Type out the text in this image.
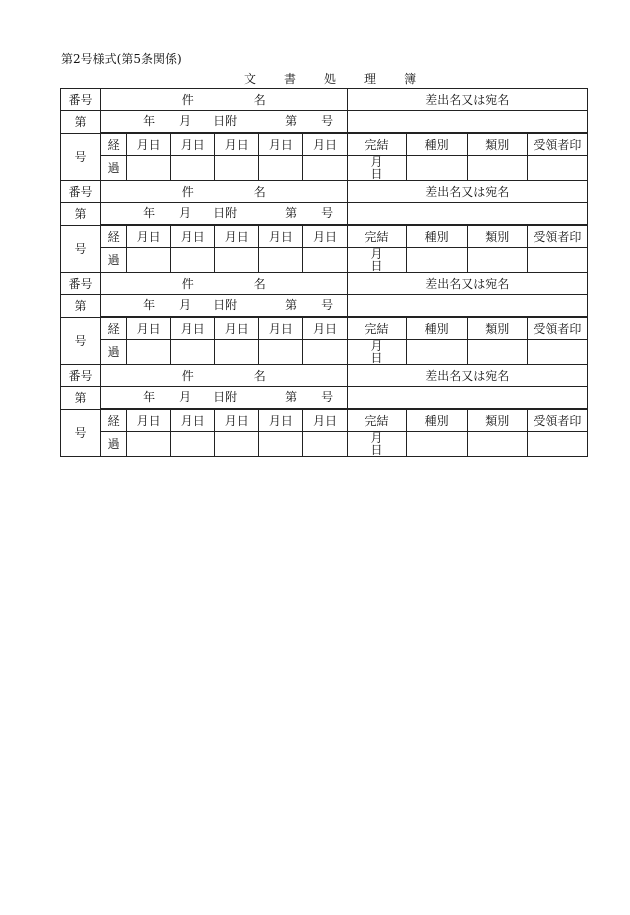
第2号様式(第5条関係)
文 書 処 理 簿
番号	件 名						差出名又は宛名			
第	年 月 日附 第 号									

号	経	月日	月日	月日	月日	月日	完結	種別	類別	受領者印
	過						月日			
番号	件 名						差出名又は宛名			
第	年 月 日附 第 号									

号	経	月日	月日	月日	月日	月日	完結	種別	類別	受領者印
	過						月日			
番号	件 名						差出名又は宛名			
第	年 月 日附 第 号									

号	経	月日	月日	月日	月日	月日	完結	種別	類別	受領者印
	過						月日			
番号	件 名						差出名又は宛名			
第	年 月 日附 第 号									

号	経	月日	月日	月日	月日	月日	完結	種別	類別	受領者印
	過						月日			
